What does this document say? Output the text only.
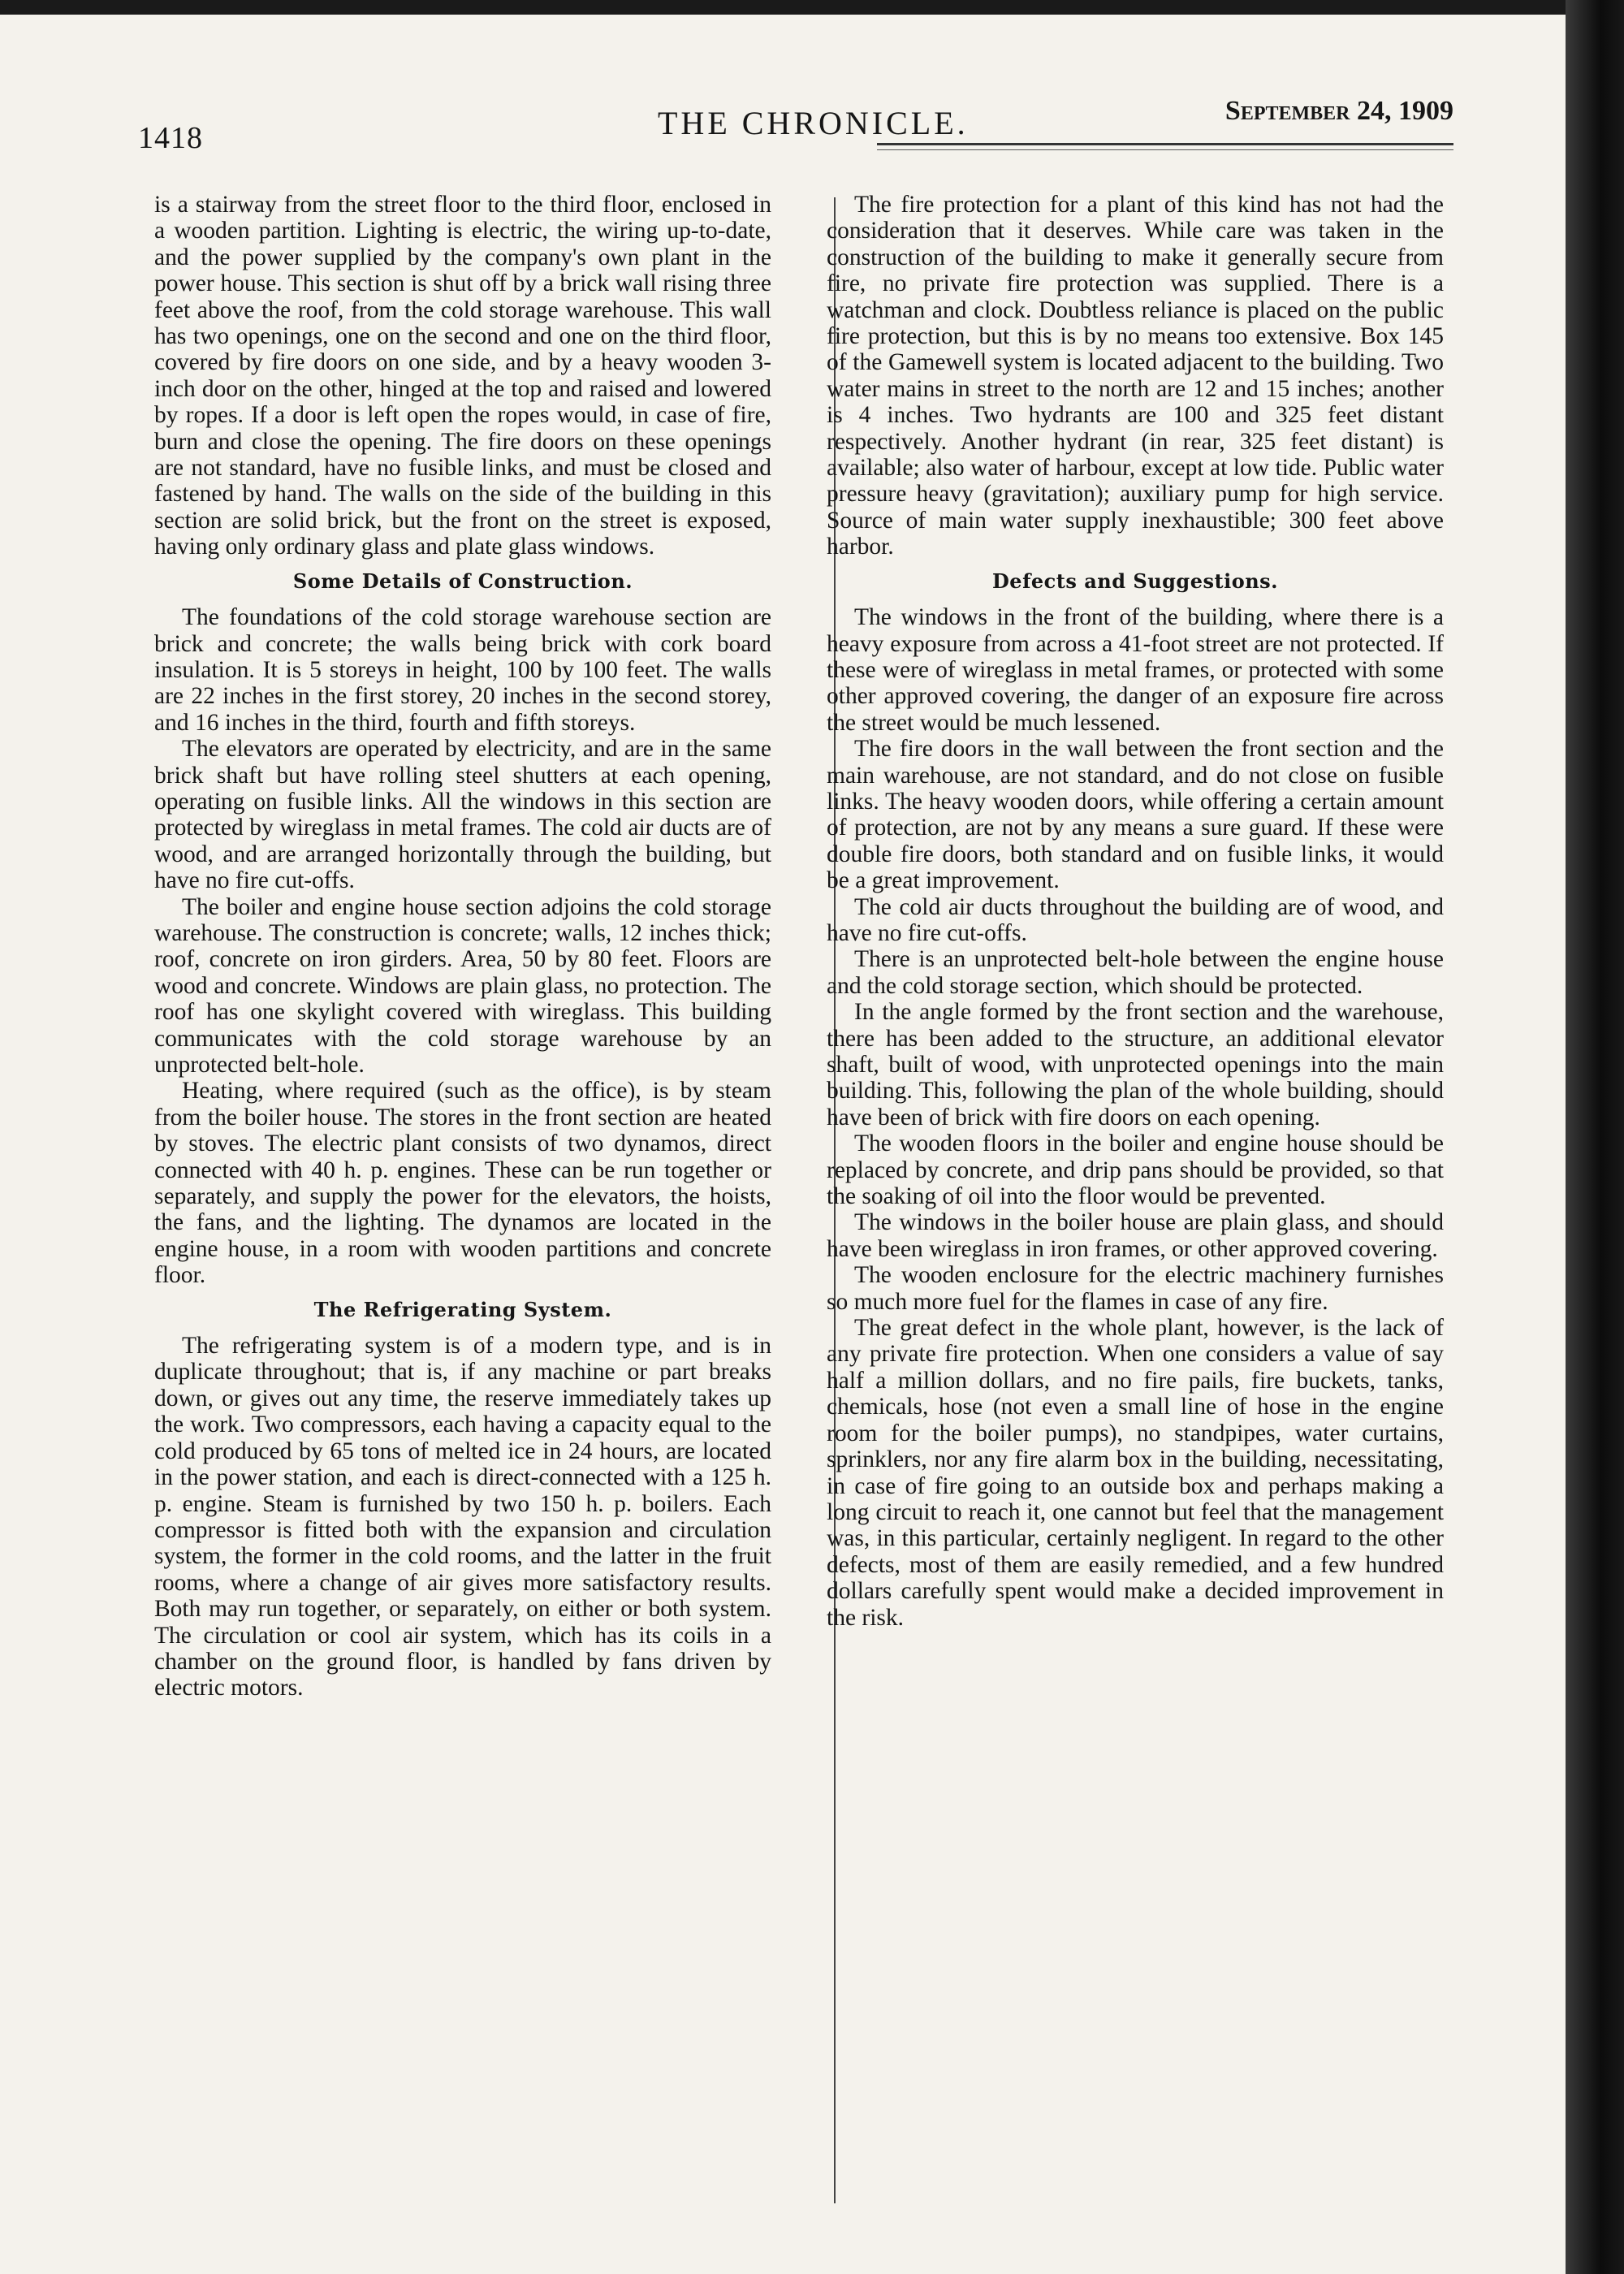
1418	THE CHRONICLE.	September 24, 1909

is a stairway from the street floor to the third floor, enclosed in a wooden partition. Lighting is electric, the wiring up-to-date, and the power supplied by the company's own plant in the power house. This section is shut off by a brick wall rising three feet above the roof, from the cold storage warehouse. This wall has two openings, one on the second and one on the third floor, covered by fire doors on one side, and by a heavy wooden 3-inch door on the other, hinged at the top and raised and lowered by ropes. If a door is left open the ropes would, in case of fire, burn and close the opening. The fire doors on these openings are not standard, have no fusible links, and must be closed and fastened by hand. The walls on the side of the building in this section are solid brick, but the front on the street is exposed, having only ordinary glass and plate glass windows.

Some Details of Construction.

The foundations of the cold storage warehouse section are brick and concrete; the walls being brick with cork board insulation. It is 5 storeys in height, 100 by 100 feet. The walls are 22 inches in the first storey, 20 inches in the second storey, and 16 inches in the third, fourth and fifth storeys.

The elevators are operated by electricity, and are in the same brick shaft but have rolling steel shutters at each opening, operating on fusible links. All the windows in this section are protected by wireglass in metal frames. The cold air ducts are of wood, and are arranged horizontally through the building, but have no fire cut-offs.

The boiler and engine house section adjoins the cold storage warehouse. The construction is concrete; walls, 12 inches thick; roof, concrete on iron girders. Area, 50 by 80 feet. Floors are wood and concrete. Windows are plain glass, no protection. The roof has one skylight covered with wireglass. This building communicates with the cold storage warehouse by an unprotected belt-hole.

Heating, where required (such as the office), is by steam from the boiler house. The stores in the front section are heated by stoves. The electric plant consists of two dynamos, direct connected with 40 h. p. engines. These can be run together or separately, and supply the power for the elevators, the hoists, the fans, and the lighting. The dynamos are located in the engine house, in a room with wooden partitions and concrete floor.

The Refrigerating System.

The refrigerating system is of a modern type, and is in duplicate throughout; that is, if any machine or part breaks down, or gives out any time, the reserve immediately takes up the work. Two compressors, each having a capacity equal to the cold produced by 65 tons of melted ice in 24 hours, are located in the power station, and each is direct-connected with a 125 h. p. engine. Steam is furnished by two 150 h. p. boilers. Each compressor is fitted both with the expansion and circulation system, the former in the cold rooms, and the latter in the fruit rooms, where a change of air gives more satisfactory results. Both may run together, or separately, on either or both system. The circulation or cool air system, which has its coils in a chamber on the ground floor, is handled by fans driven by electric motors.

The fire protection for a plant of this kind has not had the consideration that it deserves. While care was taken in the construction of the building to make it generally secure from fire, no private fire protection was supplied. There is a watchman and clock. Doubtless reliance is placed on the public fire protection, but this is by no means too extensive. Box 145 of the Gamewell system is located adjacent to the building. Two water mains in street to the north are 12 and 15 inches; another is 4 inches. Two hydrants are 100 and 325 feet distant respectively. Another hydrant (in rear, 325 feet distant) is available; also water of harbour, except at low tide. Public water pressure heavy (gravitation); auxiliary pump for high service. Source of main water supply inexhaustible; 300 feet above harbor.

Defects and Suggestions.

The windows in the front of the building, where there is a heavy exposure from across a 41-foot street are not protected. If these were of wireglass in metal frames, or protected with some other approved covering, the danger of an exposure fire across the street would be much lessened.

The fire doors in the wall between the front section and the main warehouse, are not standard, and do not close on fusible links. The heavy wooden doors, while offering a certain amount of protection, are not by any means a sure guard. If these were double fire doors, both standard and on fusible links, it would be a great improvement.

The cold air ducts throughout the building are of wood, and have no fire cut-offs.

There is an unprotected belt-hole between the engine house and the cold storage section, which should be protected.

In the angle formed by the front section and the warehouse, there has been added to the structure, an additional elevator shaft, built of wood, with unprotected openings into the main building. This, following the plan of the whole building, should have been of brick with fire doors on each opening.

The wooden floors in the boiler and engine house should be replaced by concrete, and drip pans should be provided, so that the soaking of oil into the floor would be prevented.

The windows in the boiler house are plain glass, and should have been wireglass in iron frames, or other approved covering.

The wooden enclosure for the electric machinery furnishes so much more fuel for the flames in case of any fire.

The great defect in the whole plant, however, is the lack of any private fire protection. When one considers a value of say half a million dollars, and no fire pails, fire buckets, tanks, chemicals, hose (not even a small line of hose in the engine room for the boiler pumps), no standpipes, water curtains, sprinklers, nor any fire alarm box in the building, necessitating, in case of fire going to an outside box and perhaps making a long circuit to reach it, one cannot but feel that the management was, in this particular, certainly negligent. In regard to the other defects, most of them are easily remedied, and a few hundred dollars carefully spent would make a decided improvement in the risk.
